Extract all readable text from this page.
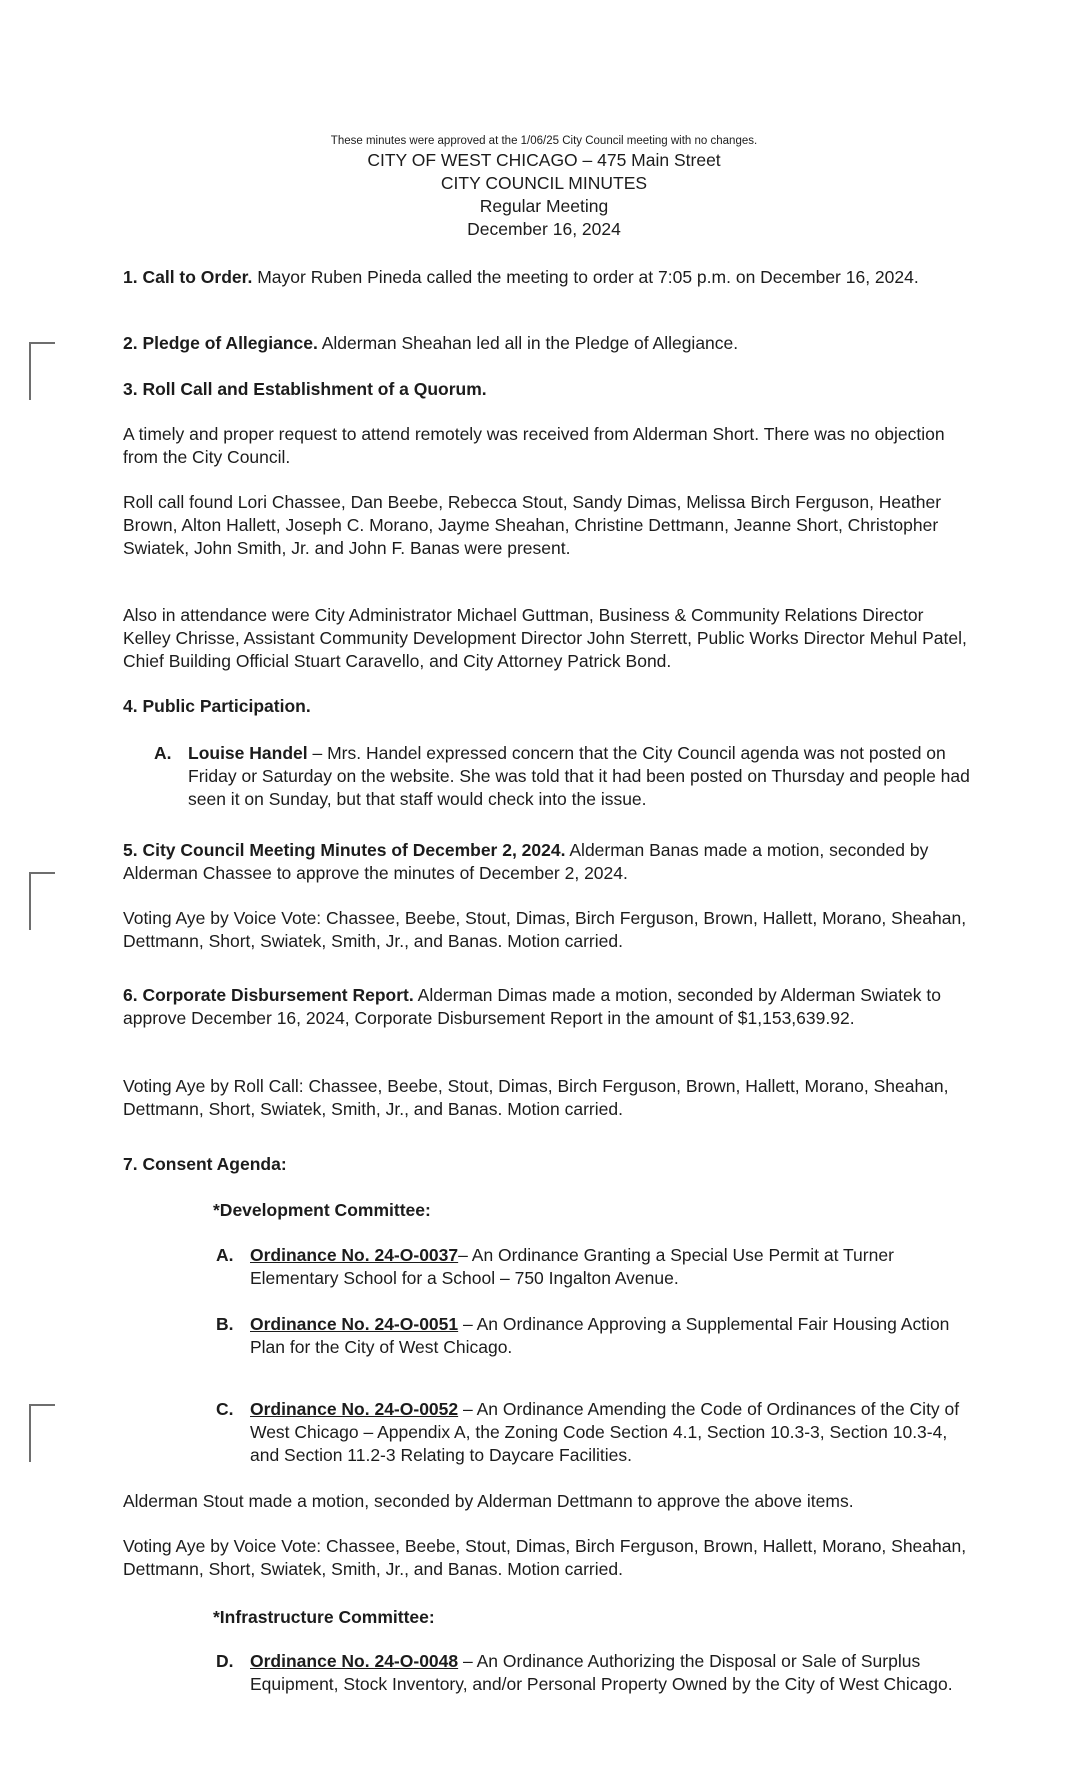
These minutes were approved at the 1/06/25 City Council meeting with no changes.
CITY OF WEST CHICAGO – 475 Main Street
CITY COUNCIL MINUTES
Regular Meeting
December 16, 2024

1. Call to Order. Mayor Ruben Pineda called the meeting to order at 7:05 p.m. on December 16, 2024.

2. Pledge of Allegiance. Alderman Sheahan led all in the Pledge of Allegiance.

3. Roll Call and Establishment of a Quorum.

A timely and proper request to attend remotely was received from Alderman Short. There was no objection from the City Council.

Roll call found Lori Chassee, Dan Beebe, Rebecca Stout, Sandy Dimas, Melissa Birch Ferguson, Heather Brown, Alton Hallett, Joseph C. Morano, Jayme Sheahan, Christine Dettmann, Jeanne Short, Christopher Swiatek, John Smith, Jr. and John F. Banas were present.

Also in attendance were City Administrator Michael Guttman, Business & Community Relations Director Kelley Chrisse, Assistant Community Development Director John Sterrett, Public Works Director Mehul Patel, Chief Building Official Stuart Caravello, and City Attorney Patrick Bond.

4. Public Participation.

A. Louise Handel – Mrs. Handel expressed concern that the City Council agenda was not posted on Friday or Saturday on the website. She was told that it had been posted on Thursday and people had seen it on Sunday, but that staff would check into the issue.

5. City Council Meeting Minutes of December 2, 2024. Alderman Banas made a motion, seconded by Alderman Chassee to approve the minutes of December 2, 2024.

Voting Aye by Voice Vote: Chassee, Beebe, Stout, Dimas, Birch Ferguson, Brown, Hallett, Morano, Sheahan, Dettmann, Short, Swiatek, Smith, Jr., and Banas. Motion carried.

6. Corporate Disbursement Report. Alderman Dimas made a motion, seconded by Alderman Swiatek to approve December 16, 2024, Corporate Disbursement Report in the amount of $1,153,639.92.

Voting Aye by Roll Call: Chassee, Beebe, Stout, Dimas, Birch Ferguson, Brown, Hallett, Morano, Sheahan, Dettmann, Short, Swiatek, Smith, Jr., and Banas. Motion carried.

7. Consent Agenda:

*Development Committee:

A. Ordinance No. 24-O-0037– An Ordinance Granting a Special Use Permit at Turner Elementary School for a School – 750 Ingalton Avenue.
B. Ordinance No. 24-O-0051 – An Ordinance Approving a Supplemental Fair Housing Action Plan for the City of West Chicago.
C. Ordinance No. 24-O-0052 – An Ordinance Amending the Code of Ordinances of the City of West Chicago – Appendix A, the Zoning Code Section 4.1, Section 10.3-3, Section 10.3-4, and Section 11.2-3 Relating to Daycare Facilities.

Alderman Stout made a motion, seconded by Alderman Dettmann to approve the above items.

Voting Aye by Voice Vote: Chassee, Beebe, Stout, Dimas, Birch Ferguson, Brown, Hallett, Morano, Sheahan, Dettmann, Short, Swiatek, Smith, Jr., and Banas. Motion carried.

*Infrastructure Committee:

D. Ordinance No. 24-O-0048 – An Ordinance Authorizing the Disposal or Sale of Surplus Equipment, Stock Inventory, and/or Personal Property Owned by the City of West Chicago.
